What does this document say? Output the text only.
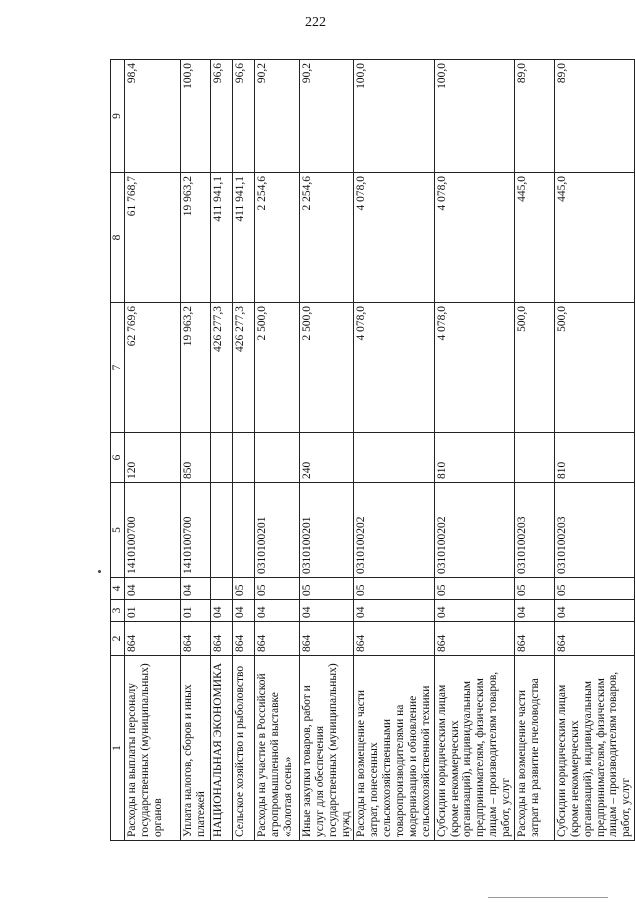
222
1	2	3	4	5	6	7	8	9
Расходы на выплаты персоналу государственных (муниципальных) органов	864	01	04	1410100700	120	62 769,6	61 768,7	98,4
Уплата налогов, сборов и иных платежей	864	01	04	1410100700	850	19 963,2	19 963,2	100,0
НАЦИОНАЛЬНАЯ ЭКОНОМИКА	864	04				426 277,3	411 941,1	96,6
Сельское хозяйство и рыболовство	864	04	05			426 277,3	411 941,1	96,6
Расходы на участие в Российской агропромышленной выставке «Золотая осень»	864	04	05	0310100201		2 500,0	2 254,6	90,2
Иные закупки товаров, работ и услуг для обеспечения государственных (муниципальных) нужд	864	04	05	0310100201	240	2 500,0	2 254,6	90,2
Расходы на возмещение части затрат, понесенных сельскохозяйственными товаропроизводителями на модернизацию и обновление сельскохозяйственной техники	864	04	05	0310100202		4 078,0	4 078,0	100,0
Субсидии юридическим лицам (кроме некоммерческих организаций), индивидуальным предпринимателям, физическим лицам – производителям товаров, работ, услуг	864	04	05	0310100202	810	4 078,0	4 078,0	100,0
Расходы на возмещение части затрат на развитие пчеловодства	864	04	05	0310100203		500,0	445,0	89,0
Субсидии юридическим лицам (кроме некоммерческих организаций), индивидуальным предпринимателям, физическим лицам – производителям товаров, работ, услуг	864	04	05	0310100203	810	500,0	445,0	89,0
